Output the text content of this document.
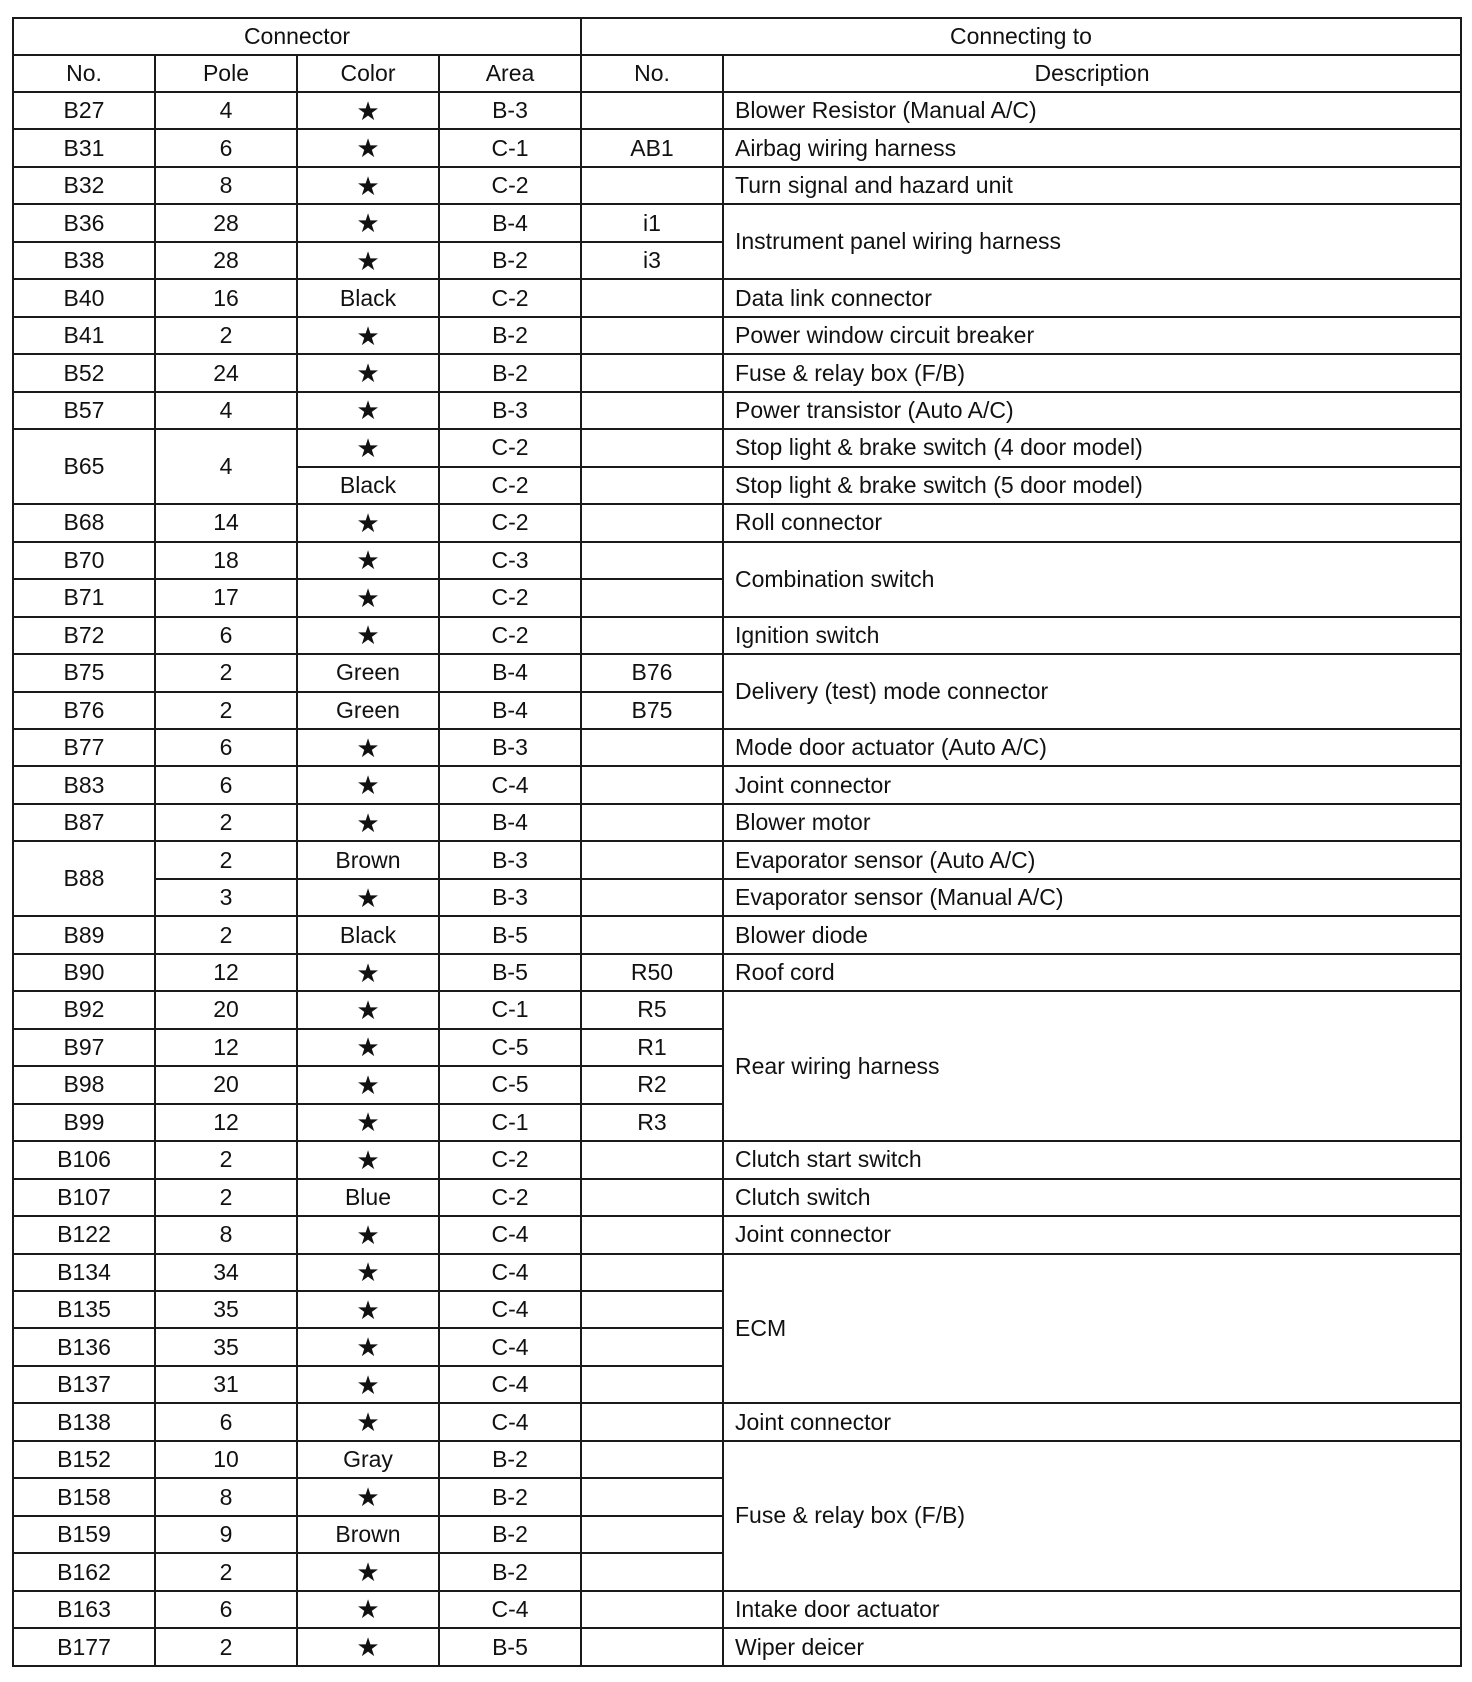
Connector				Connecting to	
No.	Pole	Color	Area	No.	Description
B27	4	★	B-3		Blower Resistor (Manual A/C)
B31	6	★	C-1	AB1	Airbag wiring harness
B32	8	★	C-2		Turn signal and hazard unit
B36	28	★	B-4	i1	Instrument panel wiring harness
B38	28	★	B-2	i3	
B40	16	Black	C-2		Data link connector
B41	2	★	B-2		Power window circuit breaker
B52	24	★	B-2		Fuse & relay box (F/B)
B57	4	★	B-3		Power transistor (Auto A/C)
B65	4	★	C-2		Stop light & brake switch (4 door model)
		Black	C-2		Stop light & brake switch (5 door model)
B68	14	★	C-2		Roll connector
B70	18	★	C-3		Combination switch
B71	17	★	C-2		
B72	6	★	C-2		Ignition switch
B75	2	Green	B-4	B76	Delivery (test) mode connector
B76	2	Green	B-4	B75	
B77	6	★	B-3		Mode door actuator (Auto A/C)
B83	6	★	C-4		Joint connector
B87	2	★	B-4		Blower motor
B88	2	Brown	B-3		Evaporator sensor (Auto A/C)
	3	★	B-3		Evaporator sensor (Manual A/C)
B89	2	Black	B-5		Blower diode
B90	12	★	B-5	R50	Roof cord
B92	20	★	C-1	R5	Rear wiring harness
B97	12	★	C-5	R1	
B98	20	★	C-5	R2	
B99	12	★	C-1	R3	
B106	2	★	C-2		Clutch start switch
B107	2	Blue	C-2		Clutch switch
B122	8	★	C-4		Joint connector
B134	34	★	C-4		ECM
B135	35	★	C-4		
B136	35	★	C-4		
B137	31	★	C-4		
B138	6	★	C-4		Joint connector
B152	10	Gray	B-2		Fuse & relay box (F/B)
B158	8	★	B-2		
B159	9	Brown	B-2		
B162	2	★	B-2		
B163	6	★	C-4		Intake door actuator
B177	2	★	B-5		Wiper deicer
